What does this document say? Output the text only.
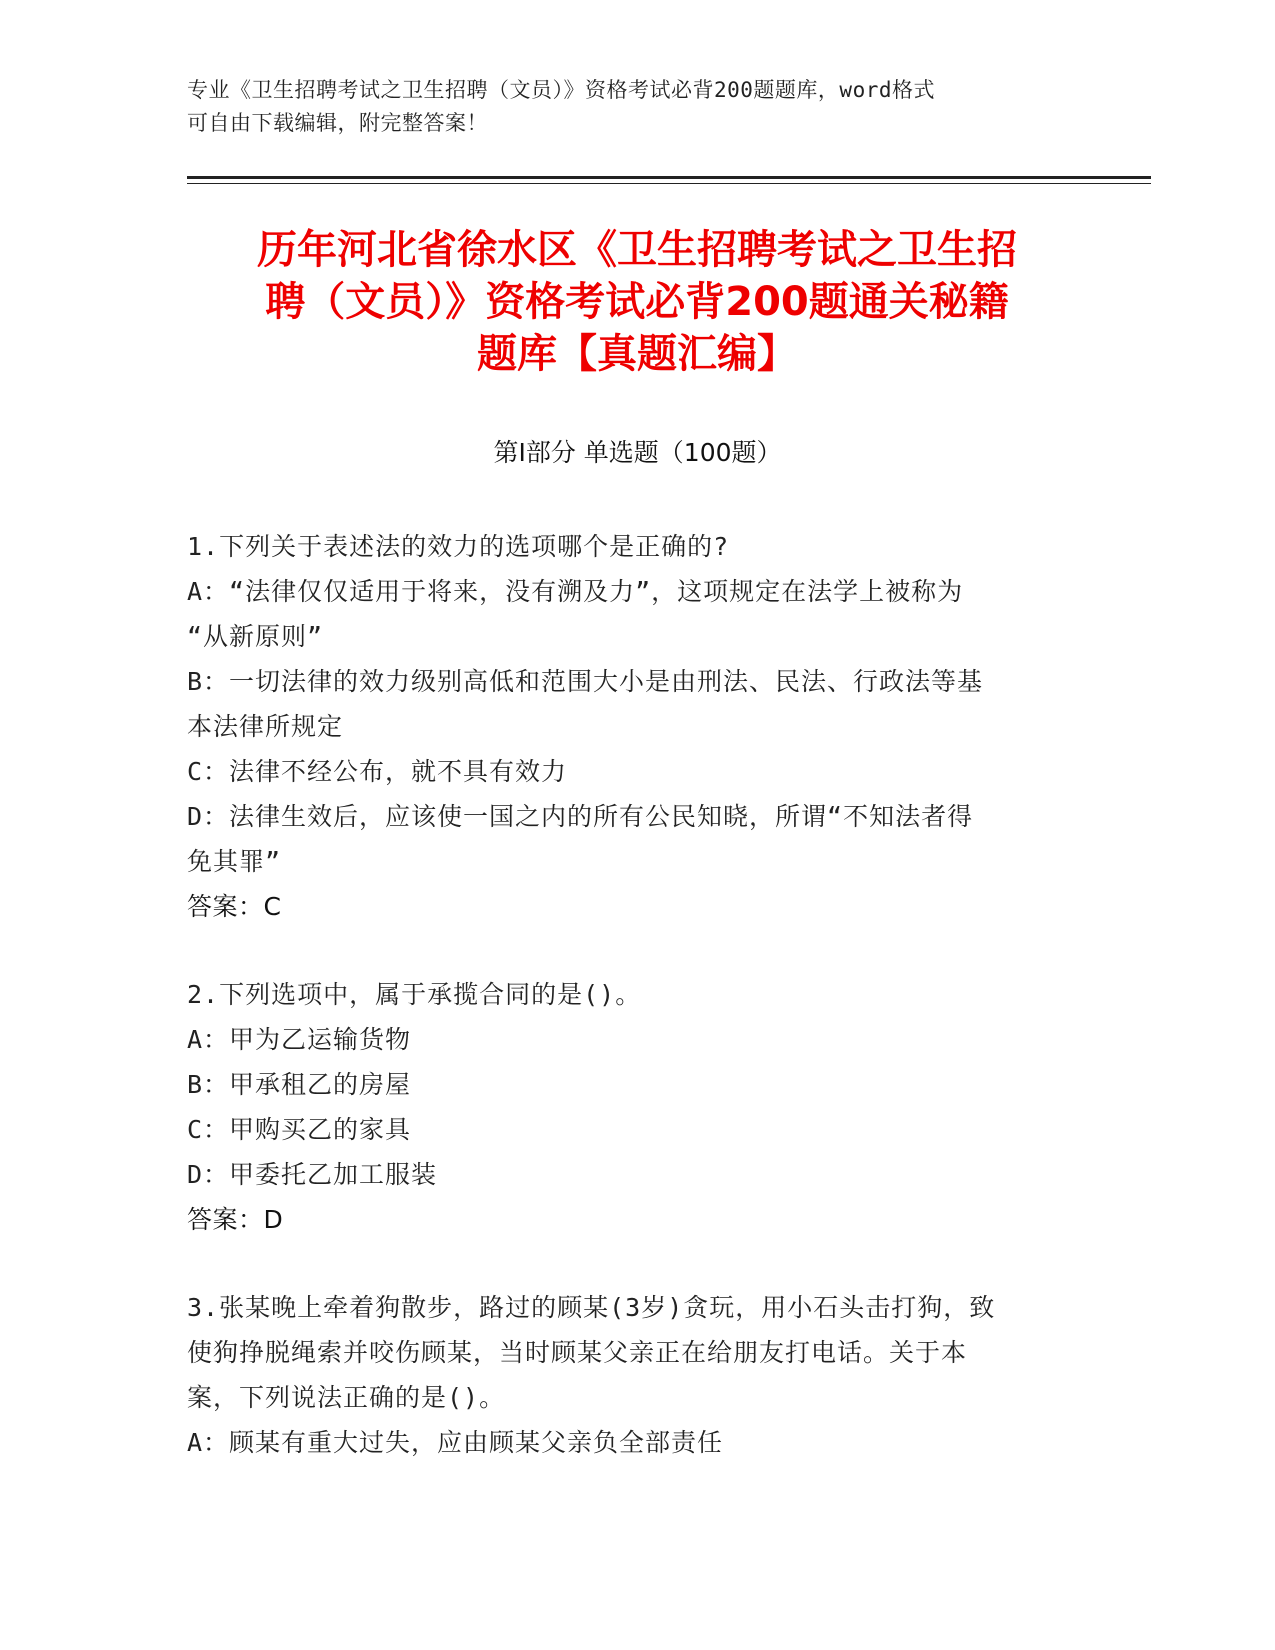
专业《卫生招聘考试之卫生招聘（文员）》资格考试必背200题题库，word格式
可自由下载编辑，附完整答案！
历年河北省徐水区《卫生招聘考试之卫生招
聘（文员）》资格考试必背200题通关秘籍
题库【真题汇编】
第Ⅰ部分 单选题（100题）
1.下列关于表述法的效力的选项哪个是正确的?
A：“法律仅仅适用于将来，没有溯及力”，这项规定在法学上被称为
“从新原则”
B：一切法律的效力级别高低和范围大小是由刑法、民法、行政法等基
本法律所规定
C：法律不经公布，就不具有效力
D：法律生效后，应该使一国之内的所有公民知晓，所谓“不知法者得
免其罪”
答案：C
2.下列选项中，属于承揽合同的是()。
A：甲为乙运输货物
B：甲承租乙的房屋
C：甲购买乙的家具
D：甲委托乙加工服装
答案：D
3.张某晚上牵着狗散步，路过的顾某(3岁)贪玩，用小石头击打狗，致
使狗挣脱绳索并咬伤顾某，当时顾某父亲正在给朋友打电话。关于本
案，下列说法正确的是()。
A：顾某有重大过失，应由顾某父亲负全部责任
